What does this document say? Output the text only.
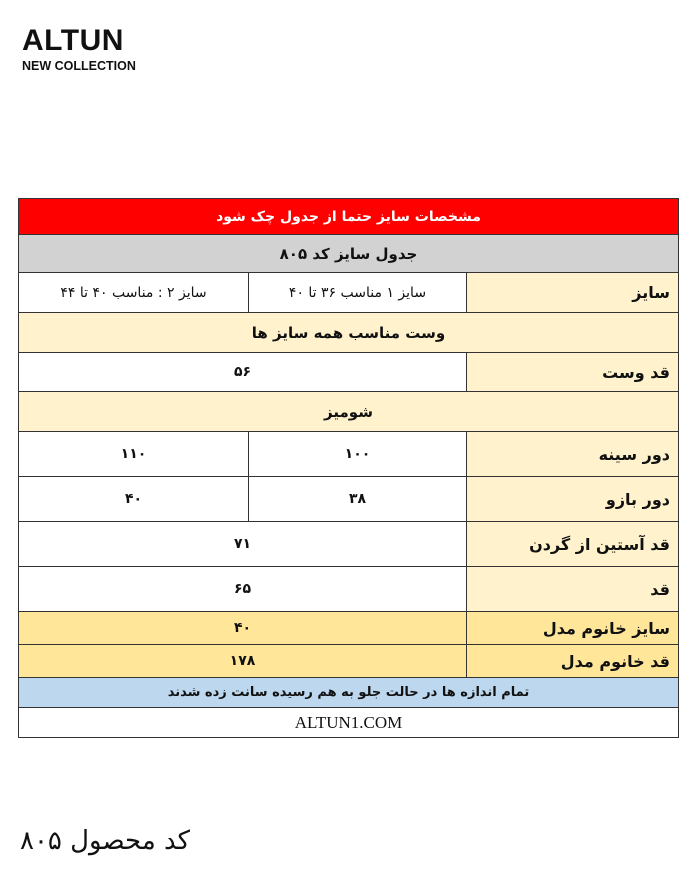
ALTUN
NEW COLLECTION
مشخصات سایز حتما از جدول چک شود		
جدول سایز کد ۸۰۵		
سایز	سایز ۱ مناسب ۳۶ تا ۴۰	سایز ۲ : مناسب ۴۰ تا ۴۴
وست مناسب همه سایز ها		
قد وست	۵۶	
شومیز		
دور سینه	۱۰۰	۱۱۰
دور بازو	۳۸	۴۰
قد آستین از گردن	۷۱	
قد	۶۵	
سایز خانوم مدل	۴۰	
قد خانوم مدل	۱۷۸	
تمام اندازه ها در حالت جلو به هم رسیده سانت زده شدند		
ALTUN1.COM		
کد محصول ۸۰۵
